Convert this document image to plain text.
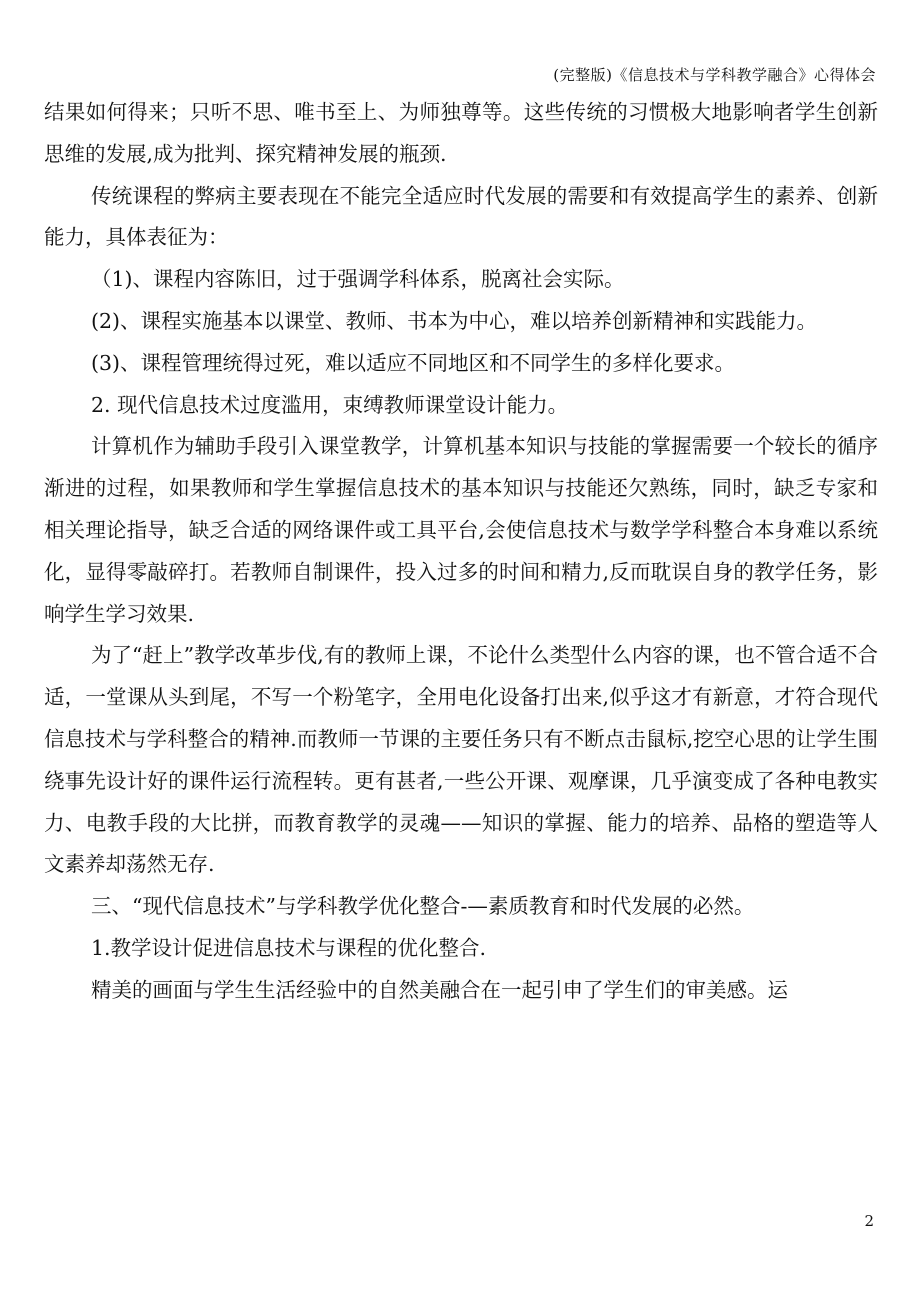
(完整版)《信息技术与学科教学融合》心得体会

结果如何得来；只听不思、唯书至上、为师独尊等。这些传统的习惯极大地影响者学生创新思维的发展,成为批判、探究精神发展的瓶颈.

传统课程的弊病主要表现在不能完全适应时代发展的需要和有效提高学生的素养、创新能力，具体表征为：

（1)、课程内容陈旧，过于强调学科体系，脱离社会实际。

(2)、课程实施基本以课堂、教师、书本为中心，难以培养创新精神和实践能力。

(3)、课程管理统得过死，难以适应不同地区和不同学生的多样化要求。

2. 现代信息技术过度滥用，束缚教师课堂设计能力。

计算机作为辅助手段引入课堂教学，计算机基本知识与技能的掌握需要一个较长的循序渐进的过程，如果教师和学生掌握信息技术的基本知识与技能还欠熟练，同时，缺乏专家和相关理论指导，缺乏合适的网络课件或工具平台,会使信息技术与数学学科整合本身难以系统化，显得零敲碎打。若教师自制课件，投入过多的时间和精力,反而耽误自身的教学任务，影响学生学习效果.

为了“赶上”教学改革步伐,有的教师上课，不论什么类型什么内容的课，也不管合适不合适，一堂课从头到尾，不写一个粉笔字，全用电化设备打出来,似乎这才有新意，才符合现代信息技术与学科整合的精神.而教师一节课的主要任务只有不断点击鼠标,挖空心思的让学生围绕事先设计好的课件运行流程转。更有甚者,一些公开课、观摩课，几乎演变成了各种电教实力、电教手段的大比拼，而教育教学的灵魂——知识的掌握、能力的培养、品格的塑造等人文素养却荡然无存.

三、“现代信息技术”与学科教学优化整合-—素质教育和时代发展的必然。

1.教学设计促进信息技术与课程的优化整合.

精美的画面与学生生活经验中的自然美融合在一起引申了学生们的审美感。运

2
